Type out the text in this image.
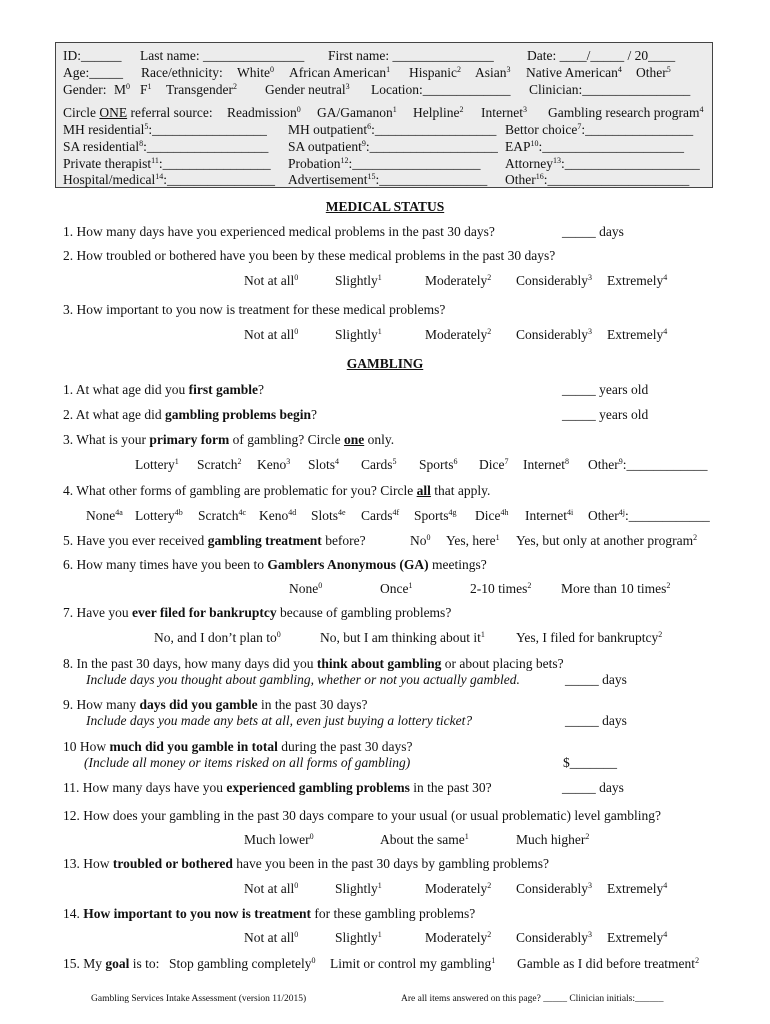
ID:______ Last name: _______________ First name: _______________ Date: ____/_____ / 20____
Age:_____ Race/ethnicity: White$^0$ African American$^1$ Hispanic$^2$ Asian$^3$ Native American$^4$ Other$^5$
Gender: $M^0$ $F^1$ Transgender$^2$ Gender neutral$^3$ Location:_____________ Clinician:________________
Circle ONE referral source: Readmission$^0$ GA/Gamanon$^1$ Helpline$^2$ Internet$^3$ Gambling research program$^4$
MH residential$^5$:_________________ MH outpatient$^6$:__________________ Bettor choice$^7$:________________
SA residential$^8$:__________________ SA outpatient$^9$:___________________ EAP$^{10}$:_____________________
Private therapist$^{11}$:________________ Probation$^{12}$:___________________ Attorney$^{13}$:____________________
Hospital/medical$^{14}$:________________ Advertisement$^{15}$:________________ Other$^{16}$:_____________________
MEDICAL STATUS
1. How many days have you experienced medical problems in the past 30 days?	_____ days
2. How troubled or bothered have you been by these medical problems in the past 30 days?
Not at all$^0$	Slightly$^1$	Moderately$^2$ Considerably$^3$ Extremely$^4$
3. How important to you now is treatment for these medical problems?
Not at all$^0$	Slightly$^1$	Moderately$^2$ Considerably$^3$ Extremely$^4$
GAMBLING
1. At what age did you first gamble?	_____ years old
2. At what age did gambling problems begin?	_____ years old
3. What is your primary form of gambling? Circle one only.
Lottery$^1$ Scratch$^2$ Keno$^3$ Slots$^4$ Cards$^5$ Sports$^6$ Dice$^7$ Internet$^8$ Other$^9$:____________
4. What other forms of gambling are problematic for you? Circle all that apply.
None$^{4a}$ Lottery$^{4b}$ Scratch$^{4c}$ Keno$^{4d}$ Slots$^{4e}$ Cards$^{4f}$ Sports$^{4g}$ Dice$^{4h}$ Internet$^{4i}$ Other$^{4j}$:____________
5. Have you ever received gambling treatment before?	No$^0$ Yes, here$^1$ Yes, but only at another program$^2$
6. How many times have you been to Gamblers Anonymous (GA) meetings?
None$^0$	Once$^1$	2-10 times$^2$ More than 10 times$^2$
7. Have you ever filed for bankruptcy because of gambling problems?
No, and I don’t plan $to^0$	No, but I am thinking about $it^1$ Yes, I filed for bankruptcy$^2$
8. In the past 30 days, how many days did you think about gambling or about placing bets?
Include days you thought about gambling, whether or not you actually gambled.	_____ days
9. How many days did you gamble in the past 30 days?
Include days you made any bets at all, even just buying a lottery ticket?	_____ days
10 How much did you gamble in total during the past 30 days?
(Include all money or items risked on all forms of gambling)	$_______
11. How many days have you experienced gambling problems in the past 30?	_____ days
12. How does your gambling in the past 30 days compare to your usual (or usual problematic) level gambling?
Much lower$^0$	About the same$^1$	Much higher$^2$
13. How troubled or bothered have you been in the past 30 days by gambling problems?
Not at all$^0$	Slightly$^1$	Moderately$^2$ Considerably$^3$ Extremely$^4$
14. How important to you now is treatment for these gambling problems?
Not at all$^0$	Slightly$^1$	Moderately$^2$ Considerably$^3$ Extremely$^4$
15. My goal is to: Stop gambling completely$^0$ Limit or control my gambling$^1$ Gamble as I did before treatment$^2$
Gambling Services Intake Assessment (version 11/2015)	Are all items answered on this page? _____ Clinician initials:______
